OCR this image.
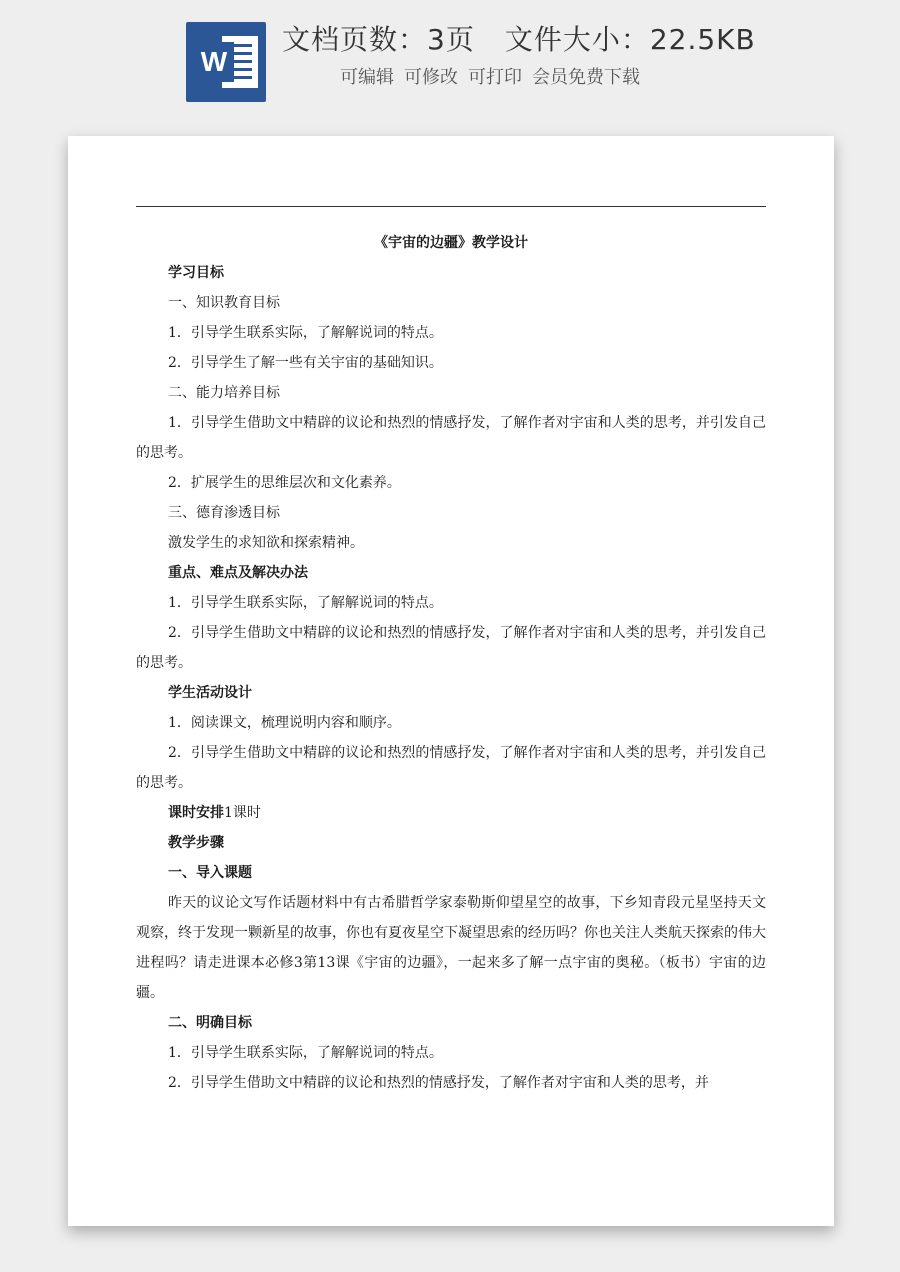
W
文档页数：3页 文件大小：22.5KB
可编辑 可修改 可打印 会员免费下载

《宇宙的边疆》教学设计

学习目标

一、知识教育目标

1．引导学生联系实际，了解解说词的特点。

2．引导学生了解一些有关宇宙的基础知识。

二、能力培养目标

1．引导学生借助文中精辟的议论和热烈的情感抒发，了解作者对宇宙和人类的思考，并引发自己的思考。

2．扩展学生的思维层次和文化素养。

三、德育渗透目标

激发学生的求知欲和探索精神。

重点、难点及解决办法

1．引导学生联系实际，了解解说词的特点。

2．引导学生借助文中精辟的议论和热烈的情感抒发，了解作者对宇宙和人类的思考，并引发自己的思考。

学生活动设计

1．阅读课文，梳理说明内容和顺序。

2．引导学生借助文中精辟的议论和热烈的情感抒发，了解作者对宇宙和人类的思考，并引发自己的思考。

课时安排1课时

教学步骤

一、导入课题

昨天的议论文写作话题材料中有古希腊哲学家泰勒斯仰望星空的故事，下乡知青段元星坚持天文观察，终于发现一颗新星的故事，你也有夏夜星空下凝望思索的经历吗？你也关注人类航天探索的伟大进程吗？请走进课本必修3第13课《宇宙的边疆》，一起来多了解一点宇宙的奥秘。（板书）宇宙的边疆。

二、明确目标

1．引导学生联系实际，了解解说词的特点。

2．引导学生借助文中精辟的议论和热烈的情感抒发，了解作者对宇宙和人类的思考，并
